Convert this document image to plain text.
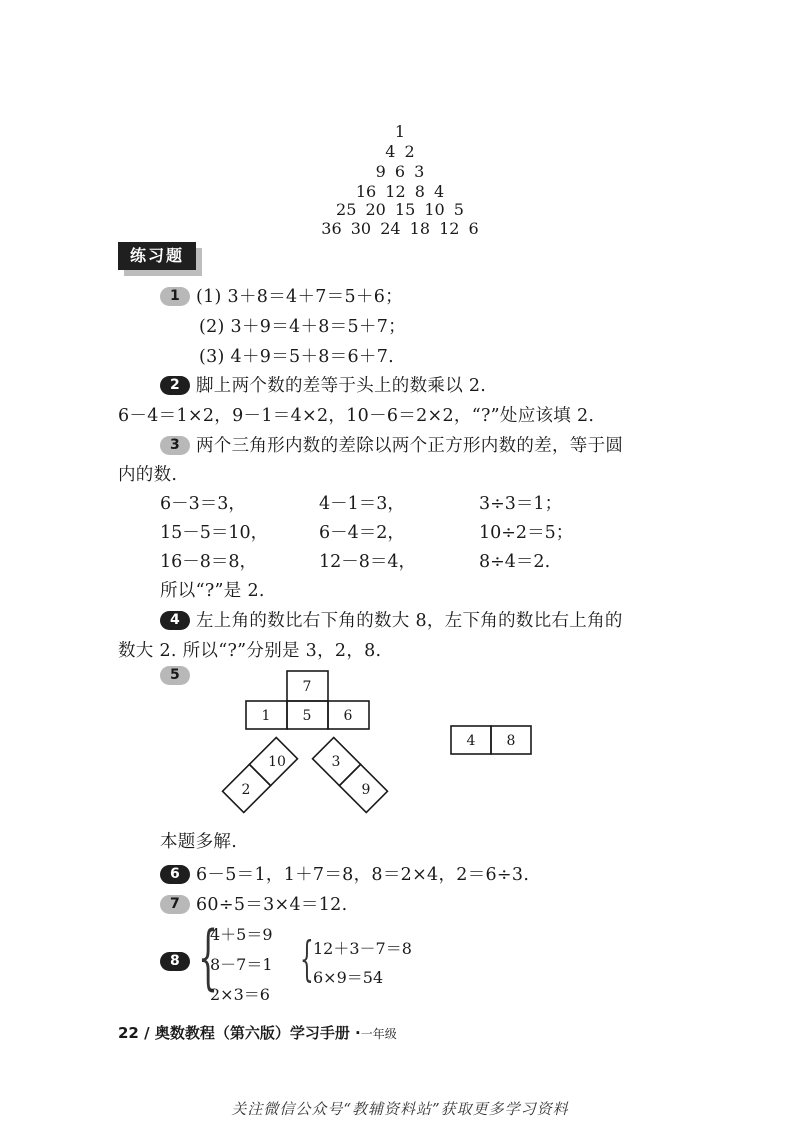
1
4 2
9 6 3
16 12 8 4
25 20 15 10 5
36 30 24 18 12 6
练习题
1 (1) 3＋8＝4＋7＝5＋6；
(2) 3＋9＝4＋8＝5＋7；
(3) 4＋9＝5＋8＝6＋7.
2 脚上两个数的差等于头上的数乘以 2.
6－4＝1×2，9－1＝4×2，10－6＝2×2，“?”处应该填 2.
3 两个三角形内数的差除以两个正方形内数的差，等于圆
内的数.
6－3＝3，	4－1＝3，	3÷3＝1；
15－5＝10，	6－4＝2，	10÷2＝5；
16－8＝8，	12－8＝4，	8÷4＝2.
所以“?”是 2.
4 左上角的数比右下角的数大 8，左下角的数比右上角的
数大 2. 所以“?”分别是 3，2，8.
5
7
1 5 6
4 8
10
2
3
9
本题多解.
6 6－5＝1，1＋7＝8，8＝2×4，2＝6÷3.
7 60÷5＝3×4＝12.
8 {
4＋5＝9
8－7＝1
2×3＝6
{ 12＋3－7＝8
6×9＝54
22 / 奥数教程（第六版）学习手册 ·一年级
关注微信公众号“教辅资料站”获取更多学习资料
